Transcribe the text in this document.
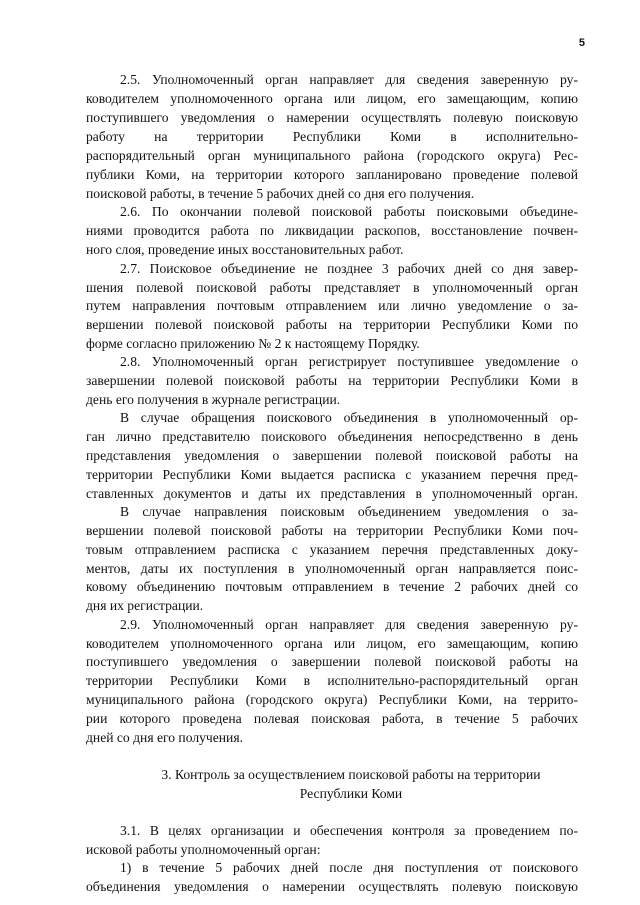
5
2.5. Уполномоченный орган направляет для сведения заверенную ру-
ководителем уполномоченного органа или лицом, его замещающим, копию
поступившего уведомления о намерении осуществлять полевую поисковую
работу на территории Республики Коми в исполнительно-
распорядительный орган муниципального района (городского округа) Рес-
публики Коми, на территории которого запланировано проведение полевой
поисковой работы, в течение 5 рабочих дней со дня его получения.
2.6. По окончании полевой поисковой работы поисковыми объедине-
ниями проводится работа по ликвидации раскопов, восстановление почвен-
ного слоя, проведение иных восстановительных работ.
2.7. Поисковое объединение не позднее 3 рабочих дней со дня завер-
шения полевой поисковой работы представляет в уполномоченный орган
путем направления почтовым отправлением или лично уведомление о за-
вершении полевой поисковой работы на территории Республики Коми по
форме согласно приложению № 2 к настоящему Порядку.
2.8. Уполномоченный орган регистрирует поступившее уведомление о
завершении полевой поисковой работы на территории Республики Коми в
день его получения в журнале регистрации.
В случае обращения поискового объединения в уполномоченный ор-
ган лично представителю поискового объединения непосредственно в день
представления уведомления о завершении полевой поисковой работы на
территории Республики Коми выдается расписка с указанием перечня пред-
ставленных документов и даты их представления в уполномоченный орган.
В случае направления поисковым объединением уведомления о за-
вершении полевой поисковой работы на территории Республики Коми поч-
товым отправлением расписка с указанием перечня представленных доку-
ментов, даты их поступления в уполномоченный орган направляется поис-
ковому объединению почтовым отправлением в течение 2 рабочих дней со
дня их регистрации.
2.9. Уполномоченный орган направляет для сведения заверенную ру-
ководителем уполномоченного органа или лицом, его замещающим, копию
поступившего уведомления о завершении полевой поисковой работы на
территории Республики Коми в исполнительно-распорядительный орган
муниципального района (городского округа) Республики Коми, на террито-
рии которого проведена полевая поисковая работа, в течение 5 рабочих
дней со дня его получения.
3. Контроль за осуществлением поисковой работы на территории
Республики Коми
3.1. В целях организации и обеспечения контроля за проведением по-
исковой работы уполномоченный орган:
1) в течение 5 рабочих дней после дня поступления от поискового
объединения уведомления о намерении осуществлять полевую поисковую
